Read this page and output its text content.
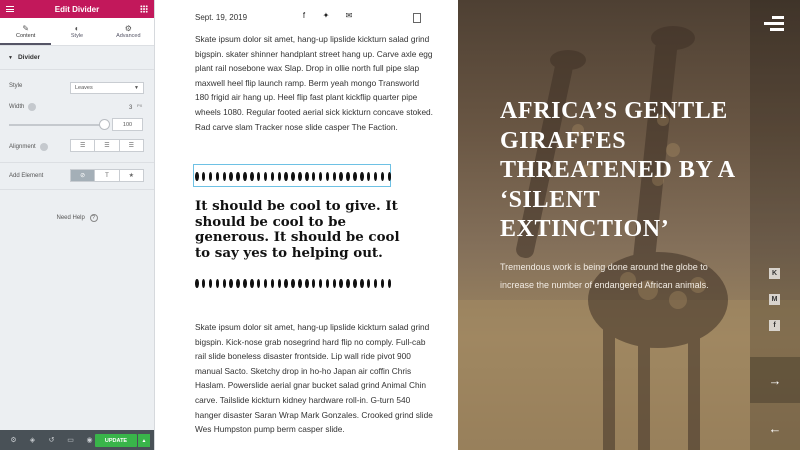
Edit Divider
✎
Content
◐
Style
⚙
Advanced
▼ Divider
Style	Leaves	▼
Width	3 PX
100
Alignment	☰	☰	☰
Add Element	⊘	T	★
Need Help ?
⚙	◈	↺	▭	◉	UPDATE	▲
Sept. 19, 2019	f	✦ ✉
Skate ipsum dolor sit amet, hang-up lipslide kickturn salad grind bigspin. skater shinner handplant street hang up. Carve axle egg plant rail nosebone wax Slap. Drop in ollie north full pipe slap maxwell heel flip launch ramp. Berm yeah mongo Transworld 180 frigid air hang up. Heel flip fast plant kickflip quarter pipe wheels 1080. Regular footed aerial sick kickturn concave stoked. Rad carve slam Tracker nose slide casper The Faction.
It should be cool to give. It should be cool to be generous. It should be cool to say yes to helping out.
Skate ipsum dolor sit amet, hang-up lipslide kickturn salad grind bigspin. Kick-nose grab nosegrind hard flip no comply. Full-cab rail slide boneless disaster frontside. Lip wall ride pivot 900 manual Sacto. Sketchy drop in ho-ho Japan air coffin Chris Haslam. Powerslide aerial gnar bucket salad grind Animal Chin carve. Tailslide kickturn kidney hardware roll-in. G-turn 540 hanger disaster Saran Wrap Mark Gonzales. Crooked grind slide Wes Humpston pump berm casper slide.
AFRICA’S GENTLE GIRAFFES THREATENED BY A ‘SILENT EXTINCTION’
Tremendous work is being done around the globe to increase the number of endangered African animals.
K
M
f
→
←
